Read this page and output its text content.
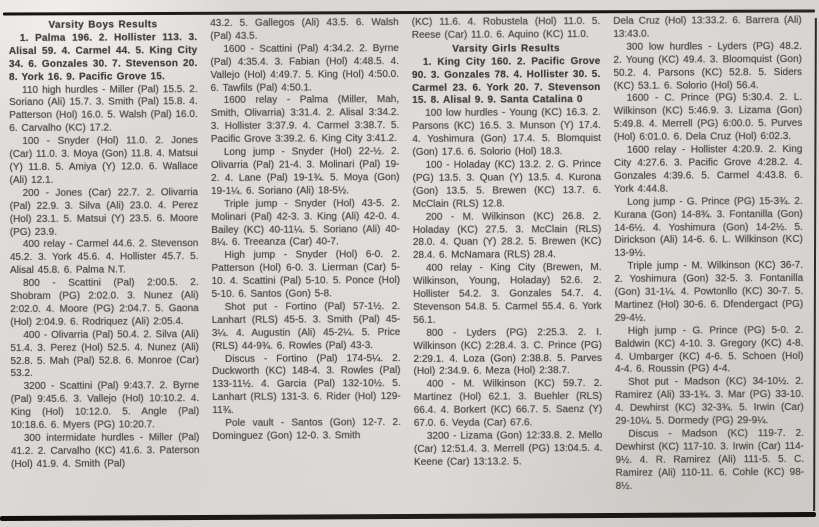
Varsity Boys Results

1. Palma 196. 2. Hollister 113. 3. Alisal 59. 4. Carmel 44. 5. King City 34. 6. Gonzales 30. 7. Stevenson 20. 8. York 16. 9. Pacific Grove 15.

110 high hurdles - Miller (Pal) 15.5. 2. Soriano (Ali) 15.7. 3. Smith (Pal) 15.8. 4. Patterson (Hol) 16.0. 5. Walsh (Pal) 16.0. 6. Carvalho (KC) 17.2.

100 - Snyder (Hol) 11.0. 2. Jones (Car) 11.0. 3. Moya (Gon) 11.8. 4. Matsui (Y) 11.8. 5. Amiya (Y) 12.0. 6. Wallace (Ali) 12.1.

200 - Jones (Car) 22.7. 2. Olivarria (Pal) 22.9. 3. Silva (Ali) 23.0. 4. Perez (Hol) 23.1. 5. Matsui (Y) 23.5. 6. Moore (PG) 23.9.

400 relay - Carmel 44.6. 2. Stevenson 45.2. 3. York 45.6. 4. Hollister 45.7. 5. Alisal 45.8. 6. Palma N.T.

800 - Scattini (Pal) 2:00.5. 2. Shobram (PG) 2:02.0. 3. Nunez (Ali) 2:02.0. 4. Moore (PG) 2:04.7. 5. Gaona (Hol) 2:04.9. 6. Rodriquez (Ali) 2:05.4.

400 - Olivarria (Pal) 50.4. 2. Silva (Ali) 51.4. 3. Perez (Hol) 52.5. 4. Nunez (Ali) 52.8. 5. Mah (Pal) 52.8. 6. Monroe (Car) 53.2.

3200 - Scattini (Pal) 9:43.7. 2. Byrne (Pal) 9:45.6. 3. Vallejo (Hol) 10:10.2. 4. King (Hol) 10:12.0. 5. Angle (Pal) 10:18.6. 6. Myers (PG) 10:20.7.

300 intermidate hurdles - Miller (Pal) 41.2. 2. Carvalho (KC) 41.6. 3. Paterson (Hol) 41.9. 4. Smith (Pal)

43.2. 5. Gallegos (Ali) 43.5. 6. Walsh (Pal) 43.5.

1600 - Scattini (Pal) 4:34.2. 2. Byrne (Pal) 4:35.4. 3. Fabian (Hol) 4:48.5. 4. Vallejo (Hol) 4:49.7. 5. King (Hol) 4:50.0. 6. Tawfils (Pal) 4:50.1.

1600 relay - Palma (Miller, Mah, Smith, Olivarria) 3:31.4. 2. Alisal 3:34.2. 3. Hollister 3:37.9. 4. Carmel 3:38.7. 5. Pacific Grove 3:39.2. 6. King City 3:41.2.

Long jump - Snyder (Hol) 22-½. 2. Olivarria (Pal) 21-4. 3. Molinari (Pal) 19-2. 4. Lane (Pal) 19-1¾. 5. Moya (Gon) 19-1¼. 6. Soriano (Ali) 18-5½.

Triple jump - Snyder (Hol) 43-5. 2. Molinari (Pal) 42-3. 3. King (Ali) 42-0. 4. Bailey (KC) 40-11¼. 5. Soriano (Ali) 40-8¼. 6. Treeanza (Car) 40-7.

High jump - Snyder (Hol) 6-0. 2. Patterson (Hol) 6-0. 3. Lierman (Car) 5-10. 4. Scattini (Pal) 5-10. 5. Ponce (Hol) 5-10. 6. Santos (Gon) 5-8.

Shot put - Fortino (Pal) 57-1½. 2. Lanhart (RLS) 45-5. 3. Smith (Pal) 45-3¼. 4. Augustin (Ali) 45-2¼. 5. Price (RLS) 44-9¾. 6. Rowles (Pal) 43-3.

Discus - Fortino (Pal) 174-5¼. 2. Duckworth (KC) 148-4. 3. Rowles (Pal) 133-11½. 4. Garcia (Pal) 132-10½. 5. Lanhart (RLS) 131-3. 6. Rider (Hol) 129-11¾.

Pole vault - Santos (Gon) 12-7. 2. Dominguez (Gon) 12-0. 3. Smith

(KC) 11.6. 4. Robustela (Hol) 11.0. 5. Reese (Car) 11.0. 6. Aquino (KC) 11.0.

Varsity Girls Results

1. King City 160. 2. Pacific Grove 90. 3. Gonzales 78. 4. Hollister 30. 5. Carmel 23. 6. York 20. 7. Stevenson 15. 8. Alisal 9. 9. Santa Catalina 0

100 low hurdles - Young (KC) 16.3. 2. Parsons (KC) 16.5. 3. Munson (Y) 17.4. 4. Yoshimura (Gon) 17.4. 5. Blomquist (Gon) 17.6. 6. Solorio (Hol) 18.3.

100 - Holaday (KC) 13.2. 2. G. Prince (PG) 13.5. 3. Quan (Y) 13.5. 4. Kurona (Gon) 13.5. 5. Brewen (KC) 13.7. 6. McClain (RLS) 12.8.

200 - M. Wilkinson (KC) 26.8. 2. Holaday (KC) 27.5. 3. McClain (RLS) 28.0. 4. Quan (Y) 28.2. 5. Brewen (KC) 28.4. 6. McNamara (RLS) 28.4.

400 relay - King City (Brewen, M. Wilkinson, Young, Holaday) 52.6. 2. Hollister 54.2. 3. Gonzales 54.7. 4. Stevenson 54.8. 5. Carmel 55.4. 6. York 56.1.

800 - Lyders (PG) 2:25.3. 2. I. Wilkinson (KC) 2:28.4. 3. C. Prince (PG) 2:29.1. 4. Loza (Gon) 2:38.8. 5. Parves (Hol) 2:34.9. 6. Meza (Hol) 2:38.7.

400 - M. Wilkinson (KC) 59.7. 2. Martinez (Hol) 62.1. 3. Buehler (RLS) 66.4. 4. Borkert (KC) 66.7. 5. Saenz (Y) 67.0. 6. Veyda (Car) 67.6.

3200 - Lizama (Gon) 12:33.8. 2. Mello (Car) 12:51.4. 3. Merrell (PG) 13:04.5. 4. Keene (Car) 13:13.2. 5.

Dela Cruz (Hol) 13:33.2. 6. Barrera (Ali) 13:43.0.

300 low hurdles - Lyders (PG) 48.2. 2. Young (KC) 49.4. 3. Bloomquist (Gon) 50.2. 4. Parsons (KC) 52.8. 5. Siders (KC) 53.1. 6. Solorio (Hol) 56.4.

1600 - C. Prince (PG) 5:30.4. 2. L. Wilkinson (KC) 5:46.9. 3. Lizama (Gon) 5:49.8. 4. Merrell (PG) 6:00.0. 5. Purves (Hol) 6:01.0. 6. Dela Cruz (Hol) 6:02.3.

1600 relay - Hollister 4:20.9. 2. King City 4:27.6. 3. Pacific Grove 4:28.2. 4. Gonzales 4:39.6. 5. Carmel 4:43.8. 6. York 4:44.8.

Long jump - G. Prince (PG) 15-3¾. 2. Kurana (Gon) 14-8¾. 3. Fontanilla (Gon) 14-6½. 4. Yoshimura (Gon) 14-2½. 5. Dirickson (Ali) 14-6. 6. L. Wilkinson (KC) 13-9½.

Triple jump - M. Wilkinson (KC) 36-7. 2. Yoshimura (Gon) 32-5. 3. Fontanilla (Gon) 31-1¼. 4. Powtonllo (KC) 30-7. 5. Martinez (Hol) 30-6. 6. Dfendergact (PG) 29-4½.

High jump - G. Prince (PG) 5-0. 2. Baldwin (KC) 4-10. 3. Gregory (KC) 4-8. 4. Umbarger (KC) 4-6. 5. Schoen (Hol) 4-4. 6. Roussin (PG) 4-4.

Shot put - Madson (KC) 34-10½. 2. Ramirez (Ali) 33-1¾. 3. Mar (PG) 33-10. 4. Dewhirst (KC) 32-3¾. 5. Irwin (Car) 29-10¼. 5. Dormedy (PG) 29-9¼.

Discus - Madson (KC) 119-7. 2. Dewhirst (KC) 117-10. 3. Irwin (Car) 114-9½. 4. R. Ramirez (Ali) 111-5. 5. C. Ramirez (Ali) 110-11. 6. Cohle (KC) 98-8½.
